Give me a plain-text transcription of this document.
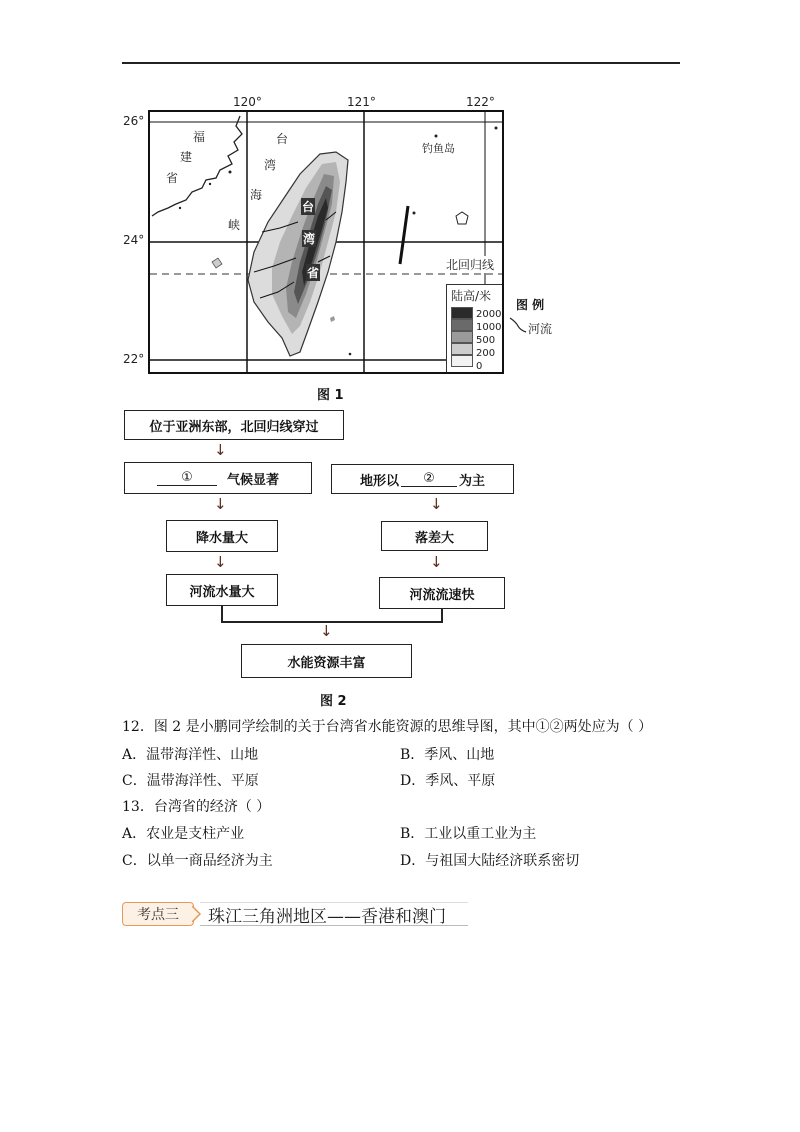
120°	121°	122°
26°
24°
22°
福
建
省
台
湾
海
峡
台
湾
省
钓鱼岛
北回归线
陆高/米
2000
1000
500
200
0
图 例
河流
图 1
位于亚洲东部，北回归线穿过
↓
①	气候显著	地形以	②	为主
↓	↓
降水量大	落差大
↓	↓
河流水量大	河流流速快
↓
水能资源丰富
图 2
12．图 2 是小鹏同学绘制的关于台湾省水能资源的思维导图，其中①②两处应为（ ）
A．温带海洋性、山地	B．季风、山地
C．温带海洋性、平原	D．季风、平原
13．台湾省的经济（ ）
A．农业是支柱产业	B．工业以重工业为主
C．以单一商品经济为主	D．与祖国大陆经济联系密切
考点三	珠江三角洲地区——香港和澳门
